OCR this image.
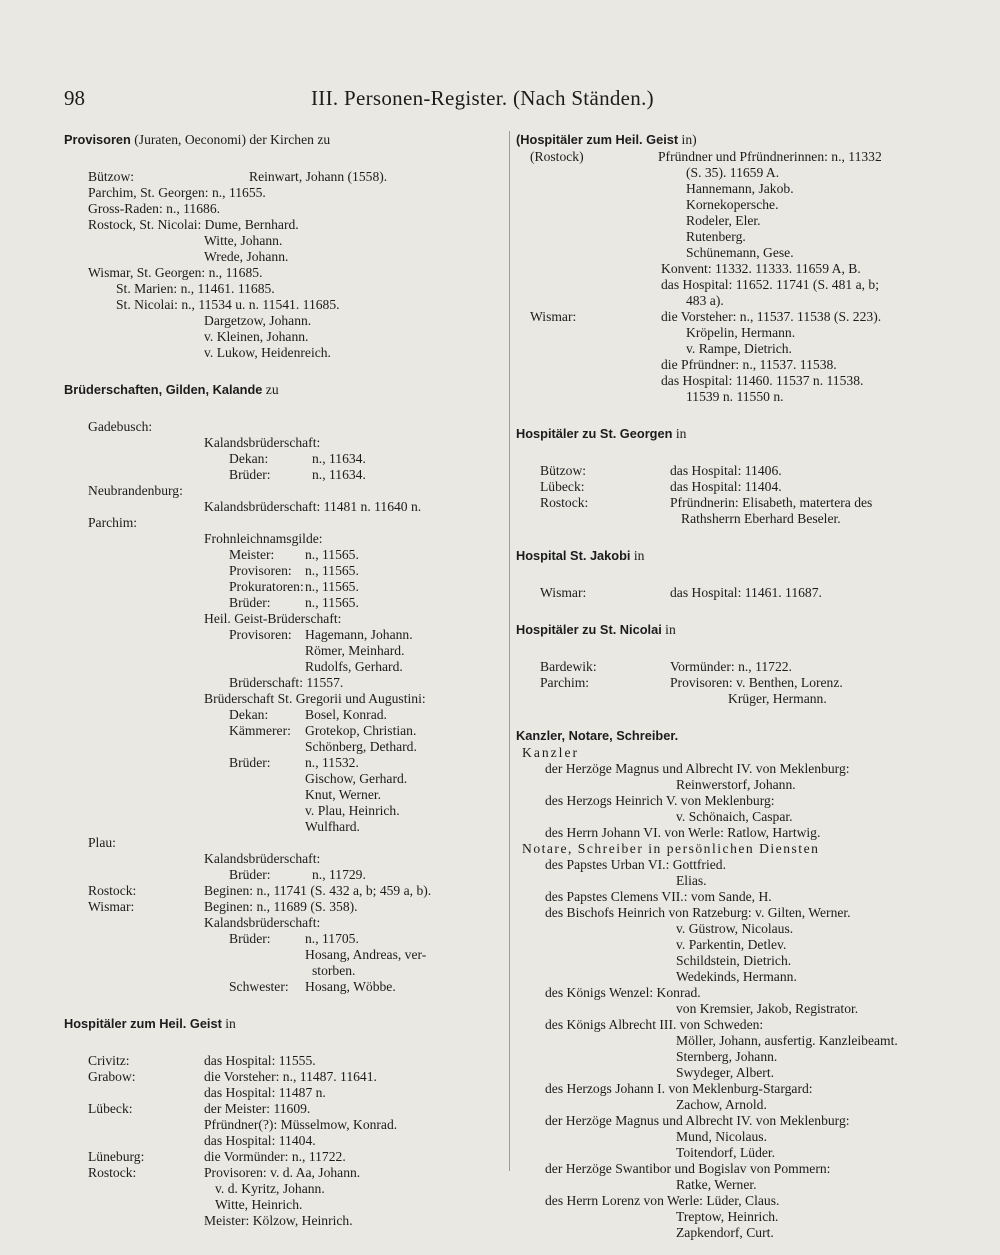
98	III. Personen-Register. (Nach Ständen.)
Provisoren (Juraten, Oeconomi) der Kirchen zu
Bützow:	Reinwart, Johann (1558).
Parchim, St. Georgen: n., 11655.
Gross-Raden: n., 11686.
Rostock, St. Nicolai: Dume, Bernhard.
Witte, Johann.
Wrede, Johann.
Wismar, St. Georgen: n., 11685.
St. Marien: n., 11461. 11685.
St. Nicolai: n., 11534 u. n. 11541. 11685.
Dargetzow, Johann.
v. Kleinen, Johann.
v. Lukow, Heidenreich.
Brüderschaften, Gilden, Kalande zu
Gadebusch:
Kalandsbrüderschaft:
Dekan:	n., 11634.
Brüder:	n., 11634.
Neubrandenburg:
Kalandsbrüderschaft: 11481 n. 11640 n.
Parchim:
Frohnleichnamsgilde:
Meister: n., 11565.
Provisoren: n., 11565.
Prokuratoren: n., 11565.
Brüder:	n., 11565.
Heil. Geist-Brüderschaft:
Provisoren: Hagemann, Johann.
Römer, Meinhard.
Rudolfs, Gerhard.
Brüderschaft: 11557.
Brüderschaft St. Gregorii und Augustini:
Dekan:	Bosel, Konrad.
Kämmerer: Grotekop, Christian.
Schönberg, Dethard.
Brüder:	n., 11532.
Gischow, Gerhard.
Knut, Werner.
v. Plau, Heinrich.
Wulfhard.
Plau:
Kalandsbrüderschaft:
Brüder:	n., 11729.
Rostock:	Beginen: n., 11741 (S. 432 a, b; 459 a, b).
Wismar:	Beginen: n., 11689 (S. 358).
Kalandsbrüderschaft:
Brüder:	n., 11705.
Hosang, Andreas, ver-
storben.
Schwester: Hosang, Wöbbe.
Hospitäler zum Heil. Geist in
Crivitz:	das Hospital: 11555.
Grabow:	die Vorsteher: n., 11487. 11641.
das Hospital: 11487 n.
Lübeck:	der Meister: 11609.
Pfründner(?): Müsselmow, Konrad.
das Hospital: 11404.
Lüneburg:	die Vormünder: n., 11722.
Rostock:	Provisoren: v. d. Aa, Johann.
v. d. Kyritz, Johann.
Witte, Heinrich.
Meister: Kölzow, Heinrich.
(Hospitäler zum Heil. Geist in)
(Rostock)	Pfründner und Pfründnerinnen: n., 11332
(S. 35). 11659 A.
Hannemann, Jakob.
Kornekopersche.
Rodeler, Eler.
Rutenberg.
Schünemann, Gese.
Konvent: 11332. 11333. 11659 A, B.
das Hospital: 11652. 11741 (S. 481 a, b;
483 a).
Wismar:	die Vorsteher: n., 11537. 11538 (S. 223).
Kröpelin, Hermann.
v. Rampe, Dietrich.
die Pfründner: n., 11537. 11538.
das Hospital: 11460. 11537 n. 11538.
11539 n. 11550 n.
Hospitäler zu St. Georgen in
Bützow:	das Hospital: 11406.
Lübeck:	das Hospital: 11404.
Rostock:	Pfründnerin: Elisabeth, matertera des
Rathsherrn Eberhard Beseler.
Hospital St. Jakobi in
Wismar:	das Hospital: 11461. 11687.
Hospitäler zu St. Nicolai in
Bardewik:	Vormünder: n., 11722.
Parchim:	Provisoren: v. Benthen, Lorenz.
Krüger, Hermann.
Kanzler, Notare, Schreiber.
Kanzler
der Herzöge Magnus und Albrecht IV. von Meklenburg:
Reinwerstorf, Johann.
des Herzogs Heinrich V. von Meklenburg:
v. Schönaich, Caspar.
des Herrn Johann VI. von Werle: Ratlow, Hartwig.
Notare, Schreiber in persönlichen Diensten
des Papstes Urban VI.: Gottfried.
Elias.
des Papstes Clemens VII.: vom Sande, H.
des Bischofs Heinrich von Ratzeburg: v. Gilten, Werner.
v. Güstrow, Nicolaus.
v. Parkentin, Detlev.
Schildstein, Dietrich.
Wedekinds, Hermann.
des Königs Wenzel: Konrad.
von Kremsier, Jakob, Registrator.
des Königs Albrecht III. von Schweden:
Möller, Johann, ausfertig. Kanzleibeamt.
Sternberg, Johann.
Swydeger, Albert.
des Herzogs Johann I. von Meklenburg-Stargard:
Zachow, Arnold.
der Herzöge Magnus und Albrecht IV. von Meklenburg:
Mund, Nicolaus.
Toitendorf, Lüder.
der Herzöge Swantibor und Bogislav von Pommern:
Ratke, Werner.
des Herrn Lorenz von Werle: Lüder, Claus.
Treptow, Heinrich.
Zapkendorf, Curt.
